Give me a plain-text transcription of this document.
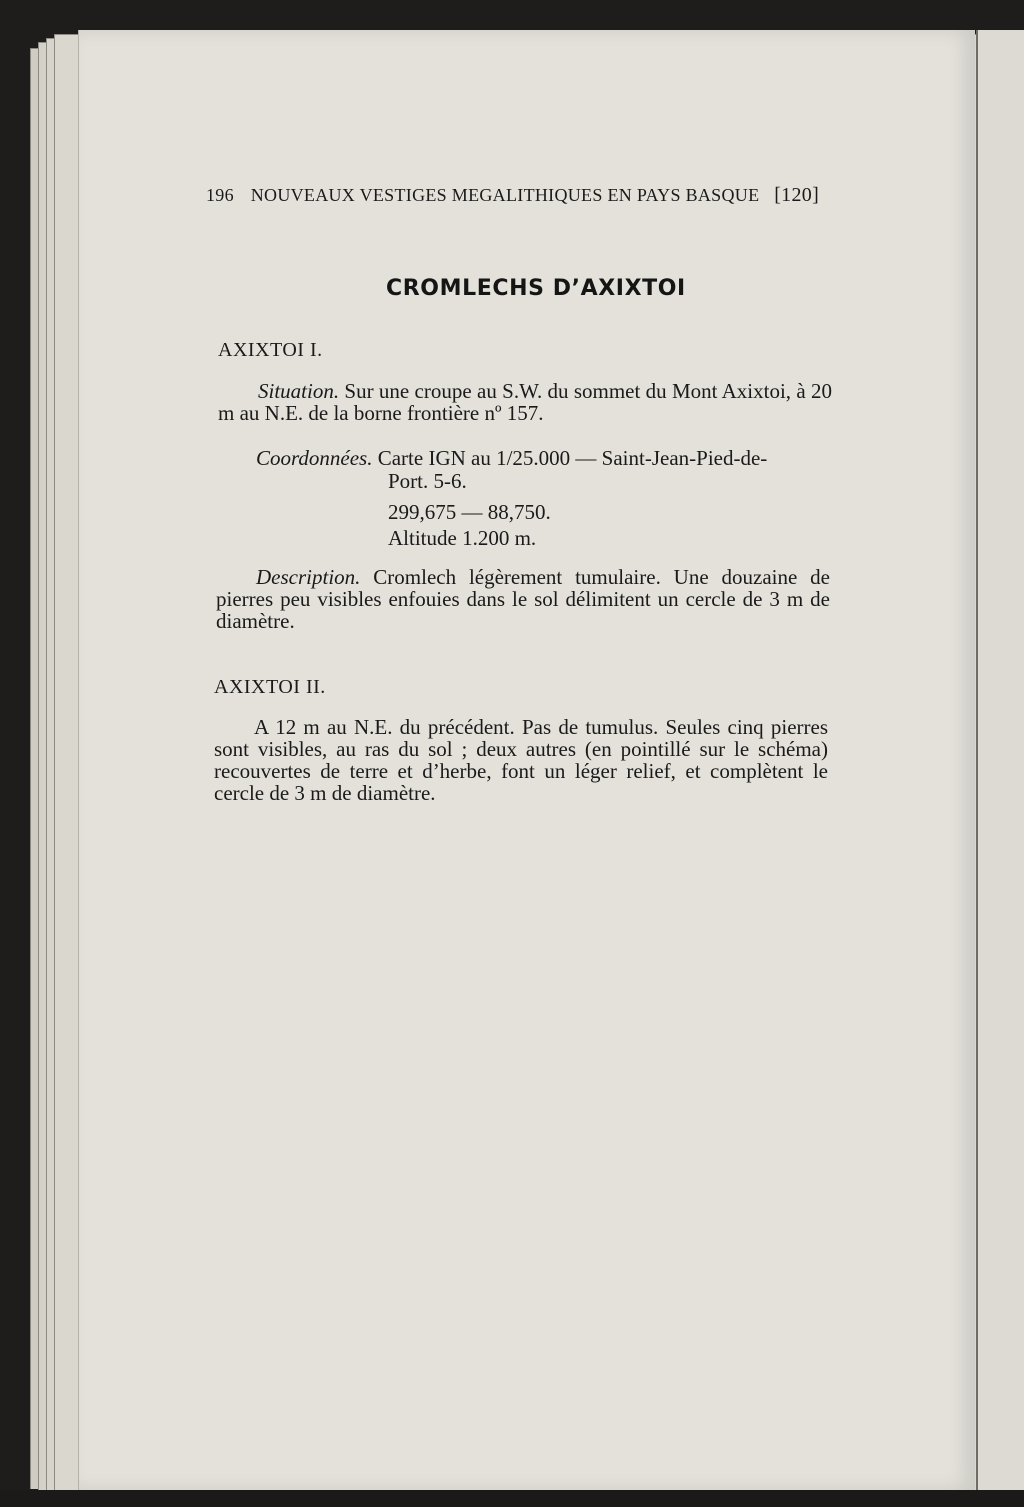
196 NOUVEAUX VESTIGES MEGALITHIQUES EN PAYS BASQUE [120]
CROMLECHS D’AXIXTOI
AXIXTOI I.
Situation. Sur une croupe au S.W. du sommet du Mont Axixtoi, à 20 m au N.E. de la borne frontière nº 157.
Coordonnées. Carte IGN au 1/25.000 — Saint-Jean-Pied-de-
Port. 5-6.
299,675 — 88,750.
Altitude 1.200 m.
Description. Cromlech légèrement tumulaire. Une douzaine de pierres peu visibles enfouies dans le sol délimitent un cercle de 3 m de diamètre.
AXIXTOI II.
A 12 m au N.E. du précédent. Pas de tumulus. Seules cinq pierres sont visibles, au ras du sol ; deux autres (en pointillé sur le schéma) recouvertes de terre et d’herbe, font un léger relief, et complètent le cercle de 3 m de diamètre.
